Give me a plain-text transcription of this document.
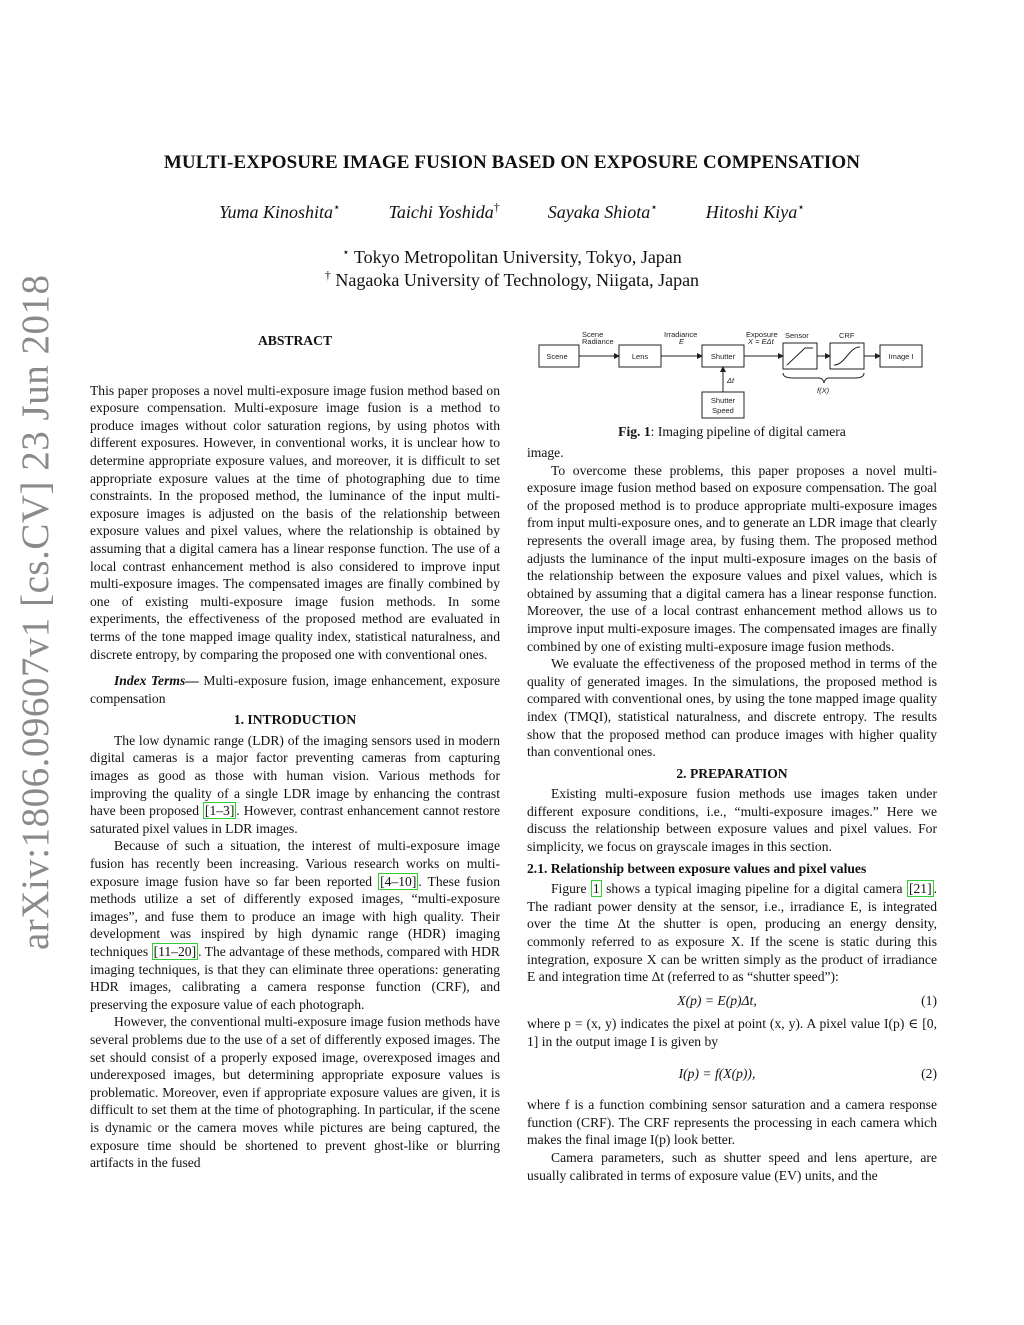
arXiv:1806.09607v1 [cs.CV] 23 Jun 2018
MULTI-EXPOSURE IMAGE FUSION BASED ON EXPOSURE COMPENSATION
Yuma Kinoshita⋆	Taichi Yoshida†	Sayaka Shiota⋆	Hitoshi Kiya⋆
⋆ Tokyo Metropolitan University, Tokyo, Japan
† Nagaoka University of Technology, Niigata, Japan
ABSTRACT

This paper proposes a novel multi-exposure image fusion method based on exposure compensation. Multi-exposure image fusion is a method to produce images without color saturation regions, by using photos with different exposures. However, in conventional works, it is unclear how to determine appropriate exposure values, and moreover, it is difficult to set appropriate exposure values at the time of photographing due to time constraints. In the proposed method, the luminance of the input multi-exposure images is adjusted on the basis of the relationship between exposure values and pixel values, where the relationship is obtained by assuming that a digital camera has a linear response function. The use of a local contrast enhancement method is also considered to improve input multi-exposure images. The compensated images are finally combined by one of existing multi-exposure image fusion methods. In some experiments, the effectiveness of the proposed method are evaluated in terms of the tone mapped image quality index, statistical naturalness, and discrete entropy, by comparing the proposed one with conventional ones.

Index Terms— Multi-exposure fusion, image enhancement, exposure compensation

1. INTRODUCTION

The low dynamic range (LDR) of the imaging sensors used in modern digital cameras is a major factor preventing cameras from capturing images as good as those with human vision. Various methods for improving the quality of a single LDR image by enhancing the contrast have been proposed [1–3] . However, contrast enhancement cannot restore saturated pixel values in LDR images.

Because of such a situation, the interest of multi-exposure image fusion has recently been increasing. Various research works on multi-exposure image fusion have so far been reported [4–10] . These fusion methods utilize a set of differently exposed images, “multi-exposure images”, and fuse them to produce an image with high quality. Their development was inspired by high dynamic range (HDR) imaging techniques [11–20] . The advantage of these methods, compared with HDR imaging techniques, is that they can eliminate three operations: generating HDR images, calibrating a camera response function (CRF), and preserving the exposure value of each photograph.

However, the conventional multi-exposure image fusion methods have several problems due to the use of a set of differently exposed images. The set should consist of a properly exposed image, overexposed images and underexposed images, but determining appropriate exposure values is problematic. Moreover, even if appropriate exposure values are given, it is difficult to set them at the time of photographing. In particular, if the scene is dynamic or the camera moves while pictures are being captured, the exposure time should be shortened to prevent ghost-like or blurring artifacts in the fused

Scene
Radiance
Irradiance
E
Exposure
X = EΔt
Sensor	CRF
Scene	Lens	Shutter	Image I
Shutter
Speed
Δt
f(X)
Fig. 1: Imaging pipeline of digital camera

image.

To overcome these problems, this paper proposes a novel multi-exposure image fusion method based on exposure compensation. The goal of the proposed method is to produce appropriate multi-exposure images from input multi-exposure ones, and to generate an LDR image that clearly represents the overall image area, by fusing them. The proposed method adjusts the luminance of the input multi-exposure images on the basis of the relationship between the exposure values and pixel values, which is obtained by assuming that a digital camera has a linear response function. Moreover, the use of a local contrast enhancement method allows us to improve input multi-exposure images. The compensated images are finally combined by one of existing multi-exposure image fusion methods.

We evaluate the effectiveness of the proposed method in terms of the quality of generated images. In the simulations, the proposed method is compared with conventional ones, by using the tone mapped image quality index (TMQI), statistical naturalness, and discrete entropy. The results show that the proposed method can produce images with higher quality than conventional ones.

2. PREPARATION

Existing multi-exposure fusion methods use images taken under different exposure conditions, i.e., “multi-exposure images.” Here we discuss the relationship between exposure values and pixel values. For simplicity, we focus on grayscale images in this section.

2.1. Relationship between exposure values and pixel values

Figure 1 shows a typical imaging pipeline for a digital camera [21] . The radiant power density at the sensor, i.e., irradiance E, is integrated over the time Δt the shutter is open, producing an energy density, commonly referred to as exposure X. If the scene is static during this integration, exposure X can be written simply as the product of irradiance E and integration time Δt (referred to as “shutter speed”):

X(p) = E(p)Δt,	(1)

where p = (x, y) indicates the pixel at point (x, y). A pixel value I(p) ∈ [0, 1] in the output image I is given by

I(p) = f(X(p)),	(2)

where f is a function combining sensor saturation and a camera response function (CRF). The CRF represents the processing in each camera which makes the final image I(p) look better.

Camera parameters, such as shutter speed and lens aperture, are usually calibrated in terms of exposure value (EV) units, and the
